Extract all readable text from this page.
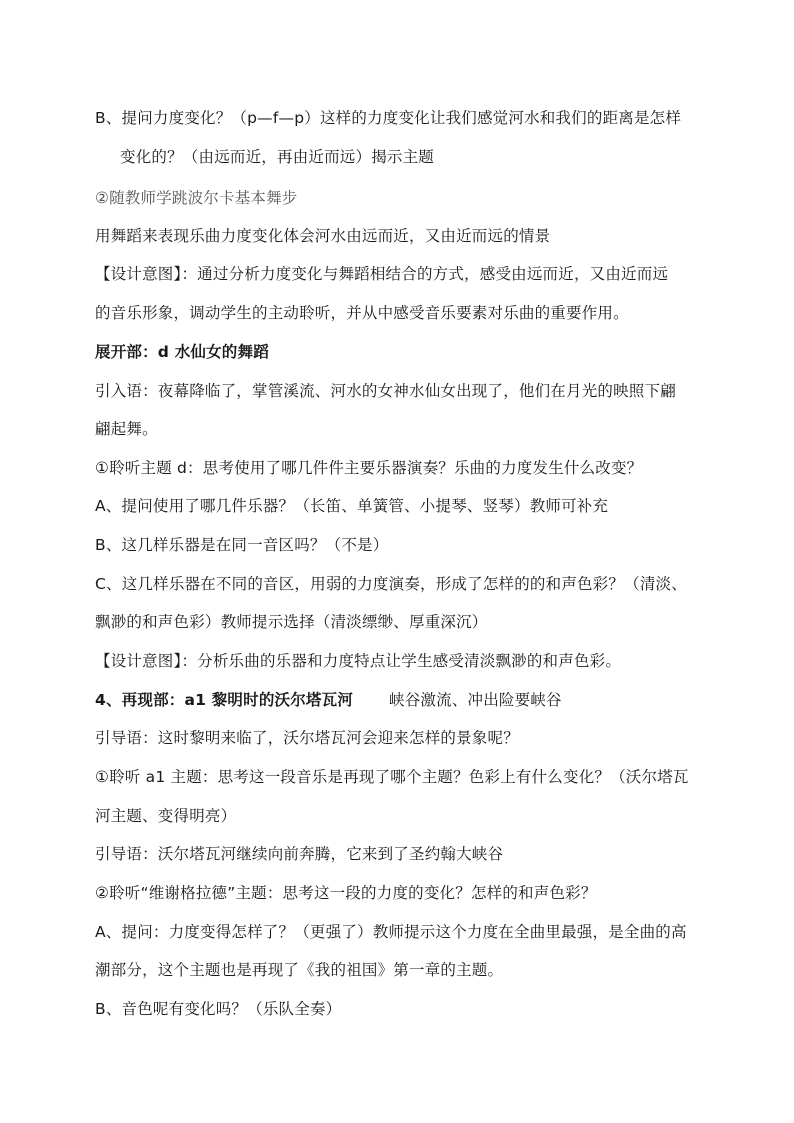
B、提问力度变化？（p—f—p）这样的力度变化让我们感觉河水和我们的距离是怎样
变化的？（由远而近，再由近而远）揭示主题
②随教师学跳波尔卡基本舞步
用舞蹈来表现乐曲力度变化体会河水由远而近，又由近而远的情景
【设计意图】：通过分析力度变化与舞蹈相结合的方式，感受由远而近，又由近而远
的音乐形象，调动学生的主动聆听，并从中感受音乐要素对乐曲的重要作用。
展开部：d 水仙女的舞蹈
引入语：夜幕降临了，掌管溪流、河水的女神水仙女出现了，他们在月光的映照下翩
翩起舞。
①聆听主题 d：思考使用了哪几件件主要乐器演奏？乐曲的力度发生什么改变？
A、提问使用了哪几件乐器？（长笛、单簧管、小提琴、竖琴）教师可补充
B、这几样乐器是在同一音区吗？（不是）
C、这几样乐器在不同的音区，用弱的力度演奏，形成了怎样的的和声色彩？（清淡、
飘渺的和声色彩）教师提示选择（清淡缥缈、厚重深沉）
【设计意图】：分析乐曲的乐器和力度特点让学生感受清淡飘渺的和声色彩。
4、再现部：a1 黎明时的沃尔塔瓦河 峡谷激流、冲出险要峡谷
引导语：这时黎明来临了，沃尔塔瓦河会迎来怎样的景象呢？
①聆听 a1 主题：思考这一段音乐是再现了哪个主题？色彩上有什么变化？（沃尔塔瓦
河主题、变得明亮）
引导语：沃尔塔瓦河继续向前奔腾，它来到了圣约翰大峡谷
②聆听“维谢格拉德”主题：思考这一段的力度的变化？怎样的和声色彩？
A、提问：力度变得怎样了？（更强了）教师提示这个力度在全曲里最强，是全曲的高
潮部分，这个主题也是再现了《我的祖国》第一章的主题。
B、音色呢有变化吗？（乐队全奏）
